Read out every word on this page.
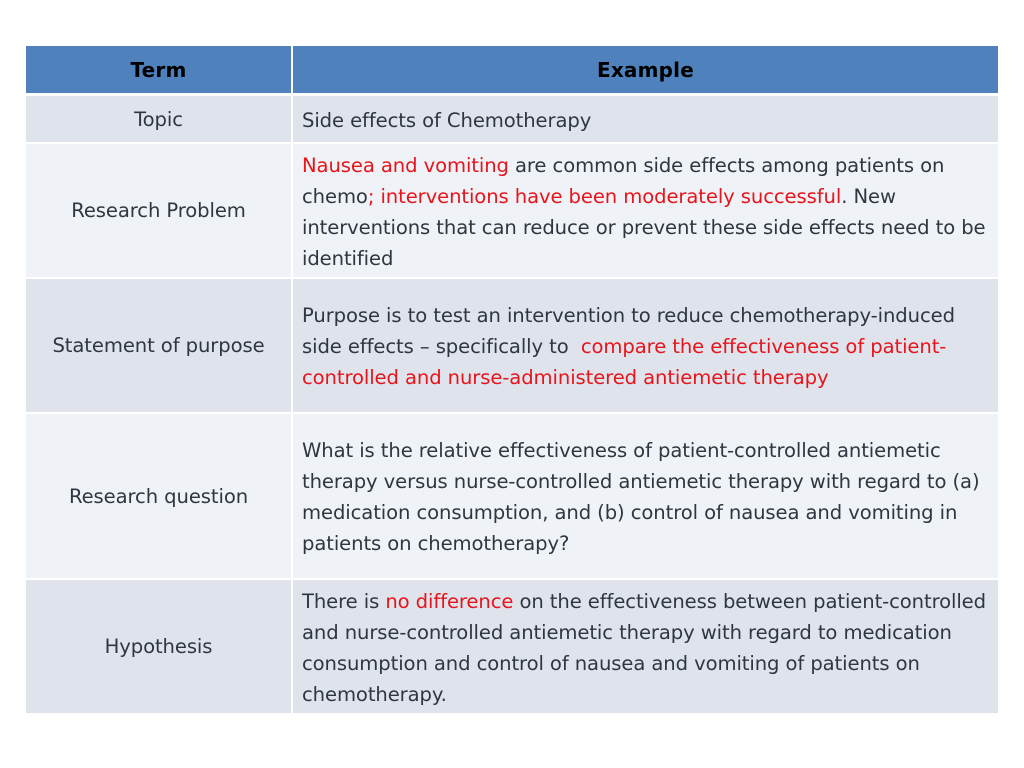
Term	Example
Topic	Side effects of Chemotherapy
Research Problem	Nausea and vomiting are common side effects among patients on chemo; interventions have been moderately successful. New interventions that can reduce or prevent these side effects need to be identified
Statement of purpose	Purpose is to test an intervention to reduce chemotherapy-induced side effects – specifically to  compare the effectiveness of patient-controlled and nurse-administered antiemetic therapy
Research question	What is the relative effectiveness of patient-controlled antiemetic therapy versus nurse-controlled antiemetic therapy with regard to (a) medication consumption, and (b) control of nausea and vomiting in patients on chemotherapy?
Hypothesis	There is no difference on the effectiveness between patient-controlled and nurse-controlled antiemetic therapy with regard to medication consumption and control of nausea and vomiting of patients on chemotherapy.
